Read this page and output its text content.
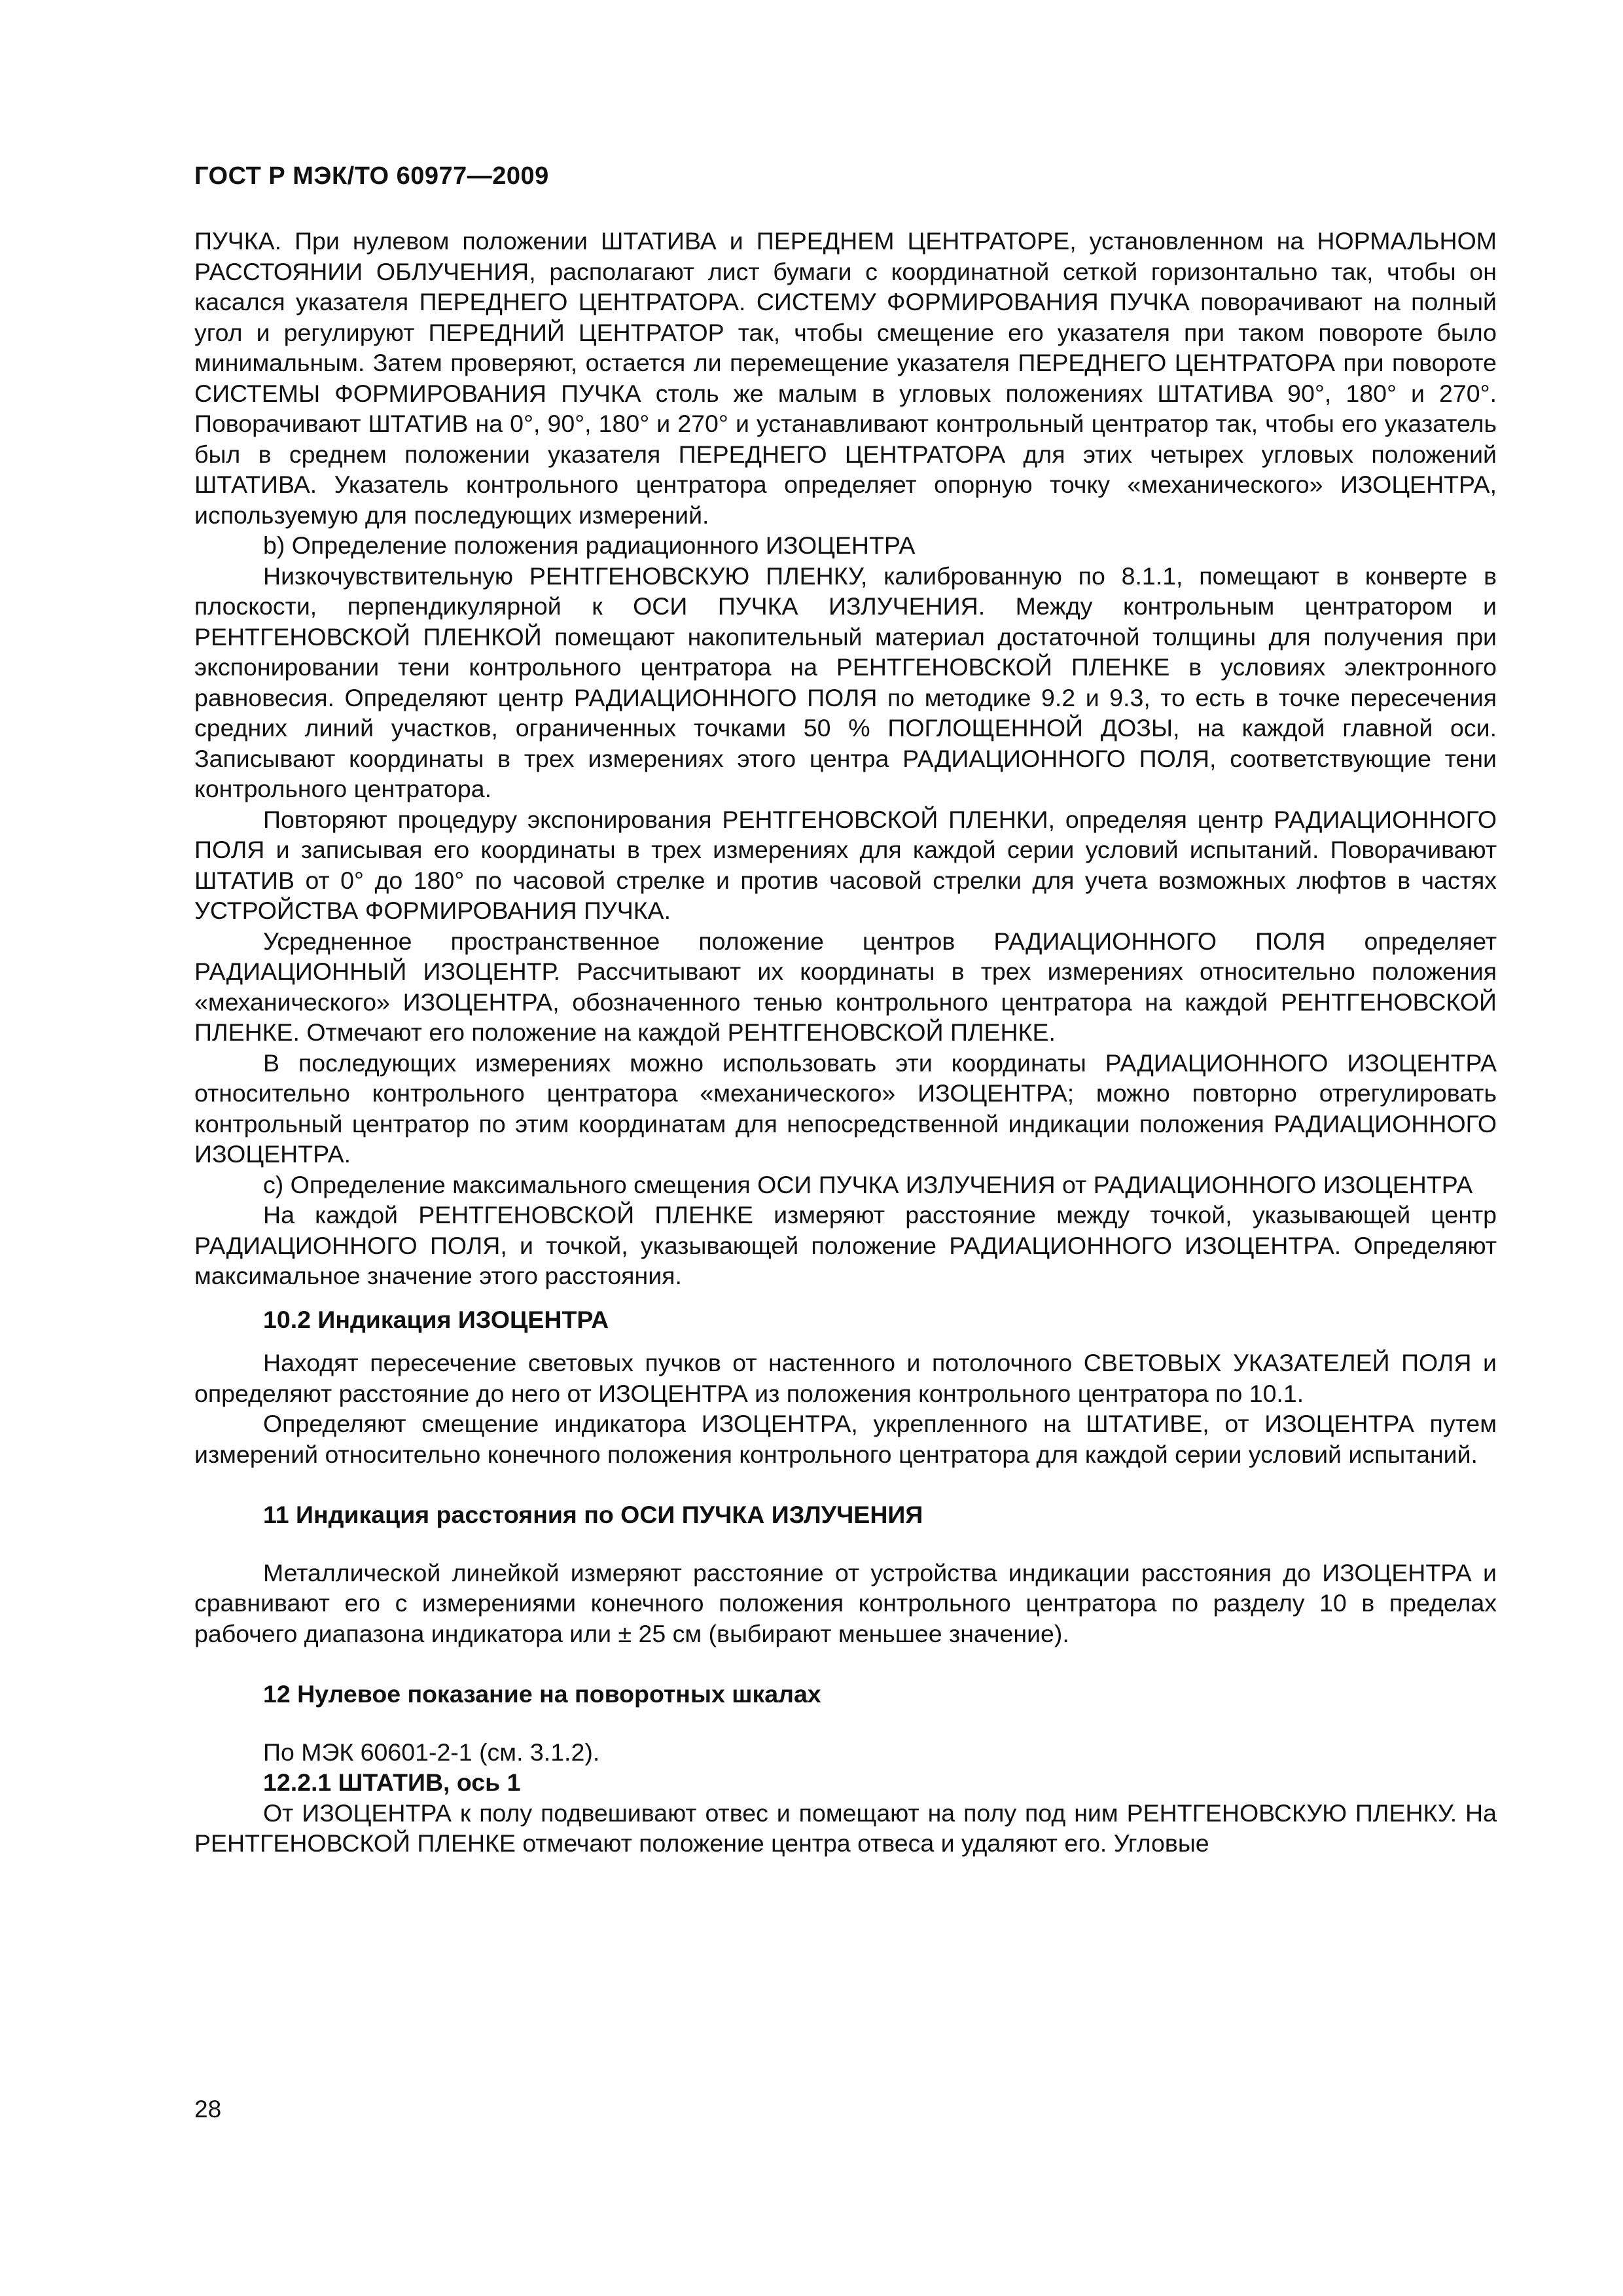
ГОСТ Р МЭК/ТО 60977—2009

ПУЧКА. При нулевом положении ШТАТИВА и ПЕРЕДНЕМ ЦЕНТРАТОРЕ, установленном на НОРМАЛЬНОМ РАССТОЯНИИ ОБЛУЧЕНИЯ, располагают лист бумаги с координатной сеткой горизонтально так, чтобы он касался указателя ПЕРЕДНЕГО ЦЕНТРАТОРА. СИСТЕМУ ФОРМИРОВАНИЯ ПУЧКА поворачивают на полный угол и регулируют ПЕРЕДНИЙ ЦЕНТРАТОР так, чтобы смещение его указателя при таком повороте было минимальным. Затем проверяют, остается ли перемещение указателя ПЕРЕДНЕГО ЦЕНТРАТОРА при повороте СИСТЕМЫ ФОРМИРОВАНИЯ ПУЧКА столь же малым в угловых положениях ШТАТИВА 90°, 180° и 270°. Поворачивают ШТАТИВ на 0°, 90°, 180° и 270° и устанавливают контрольный центратор так, чтобы его указатель был в среднем положении указателя ПЕРЕДНЕГО ЦЕНТРАТОРА для этих четырех угловых положений ШТАТИВА. Указатель контрольного центратора определяет опорную точку «механического» ИЗОЦЕНТРА, используемую для последующих измерений.

b) Определение положения радиационного ИЗОЦЕНТРА

Низкочувствительную РЕНТГЕНОВСКУЮ ПЛЕНКУ, калиброванную по 8.1.1, помещают в конверте в плоскости, перпендикулярной к ОСИ ПУЧКА ИЗЛУЧЕНИЯ. Между контрольным центратором и РЕНТГЕНОВСКОЙ ПЛЕНКОЙ помещают накопительный материал достаточной толщины для получения при экспонировании тени контрольного центратора на РЕНТГЕНОВСКОЙ ПЛЕНКЕ в условиях электронного равновесия. Определяют центр РАДИАЦИОННОГО ПОЛЯ по методике 9.2 и 9.3, то есть в точке пересечения средних линий участков, ограниченных точками 50 % ПОГЛОЩЕННОЙ ДОЗЫ, на каждой главной оси. Записывают координаты в трех измерениях этого центра РАДИАЦИОННОГО ПОЛЯ, соответствующие тени контрольного центратора.

Повторяют процедуру экспонирования РЕНТГЕНОВСКОЙ ПЛЕНКИ, определяя центр РАДИАЦИОННОГО ПОЛЯ и записывая его координаты в трех измерениях для каждой серии условий испытаний. Поворачивают ШТАТИВ от 0° до 180° по часовой стрелке и против часовой стрелки для учета возможных люфтов в частях УСТРОЙСТВА ФОРМИРОВАНИЯ ПУЧКА.

Усредненное пространственное положение центров РАДИАЦИОННОГО ПОЛЯ определяет РАДИАЦИОННЫЙ ИЗОЦЕНТР. Рассчитывают их координаты в трех измерениях относительно положения «механического» ИЗОЦЕНТРА, обозначенного тенью контрольного центратора на каждой РЕНТГЕНОВСКОЙ ПЛЕНКЕ. Отмечают его положение на каждой РЕНТГЕНОВСКОЙ ПЛЕНКЕ.

В последующих измерениях можно использовать эти координаты РАДИАЦИОННОГО ИЗОЦЕНТРА относительно контрольного центратора «механического» ИЗОЦЕНТРА; можно повторно отрегулировать контрольный центратор по этим координатам для непосредственной индикации положения РАДИАЦИОННОГО ИЗОЦЕНТРА.

c) Определение максимального смещения ОСИ ПУЧКА ИЗЛУЧЕНИЯ от РАДИАЦИОННОГО ИЗОЦЕНТРА

На каждой РЕНТГЕНОВСКОЙ ПЛЕНКЕ измеряют расстояние между точкой, указывающей центр РАДИАЦИОННОГО ПОЛЯ, и точкой, указывающей положение РАДИАЦИОННОГО ИЗОЦЕНТРА. Определяют максимальное значение этого расстояния.

10.2 Индикация ИЗОЦЕНТРА

Находят пересечение световых пучков от настенного и потолочного СВЕТОВЫХ УКАЗАТЕЛЕЙ ПОЛЯ и определяют расстояние до него от ИЗОЦЕНТРА из положения контрольного центратора по 10.1.

Определяют смещение индикатора ИЗОЦЕНТРА, укрепленного на ШТАТИВЕ, от ИЗОЦЕНТРА путем измерений относительно конечного положения контрольного центратора для каждой серии условий испытаний.

11 Индикация расстояния по ОСИ ПУЧКА ИЗЛУЧЕНИЯ

Металлической линейкой измеряют расстояние от устройства индикации расстояния до ИЗОЦЕНТРА и сравнивают его с измерениями конечного положения контрольного центратора по разделу 10 в пределах рабочего диапазона индикатора или ± 25 см (выбирают меньшее значение).

12 Нулевое показание на поворотных шкалах

По МЭК 60601-2-1 (см. 3.1.2).

12.2.1 ШТАТИВ, ось 1

От ИЗОЦЕНТРА к полу подвешивают отвес и помещают на полу под ним РЕНТГЕНОВСКУЮ ПЛЕНКУ. На РЕНТГЕНОВСКОЙ ПЛЕНКЕ отмечают положение центра отвеса и удаляют его. Угловые

28
